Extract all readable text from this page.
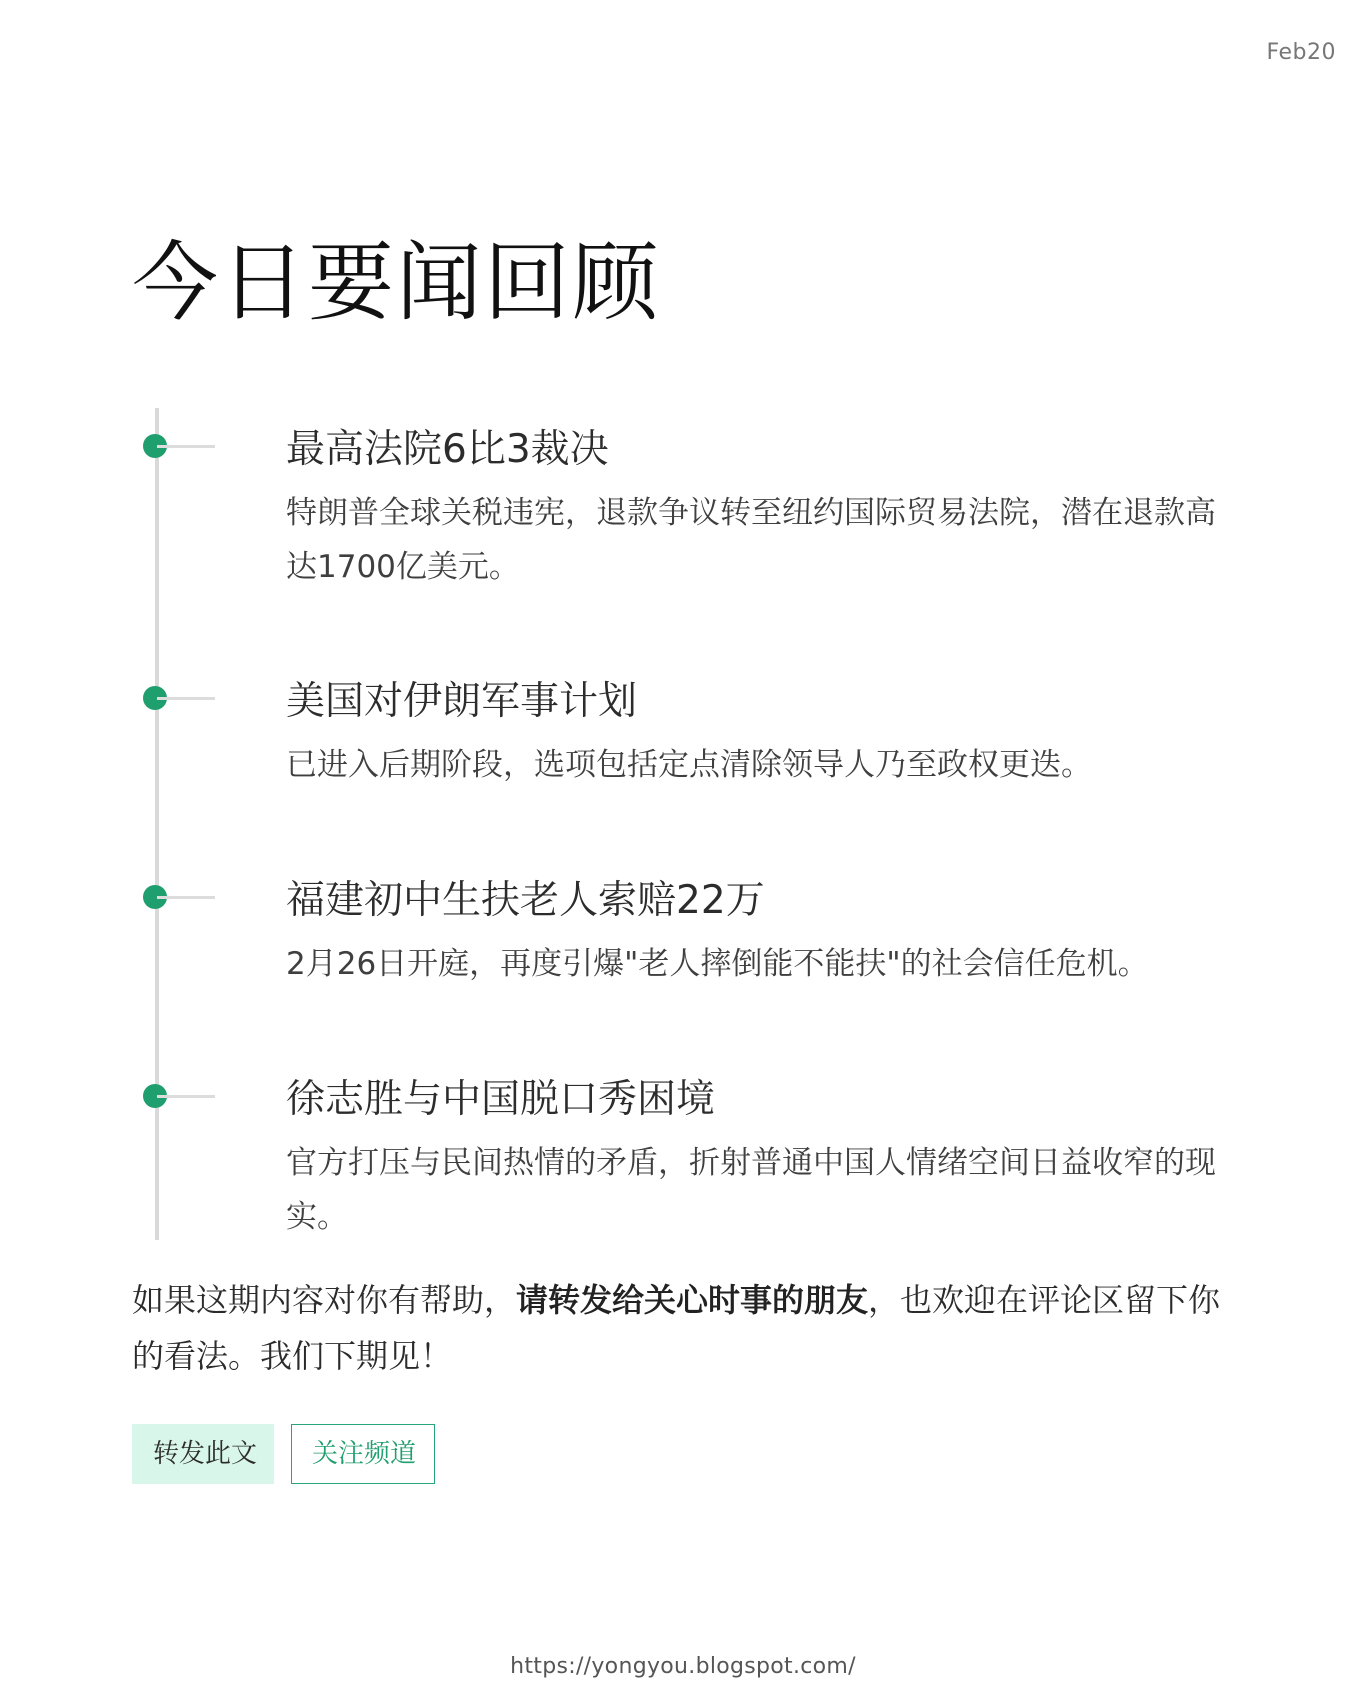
Feb20
今日要闻回顾
最高法院6比3裁决

特朗普全球关税违宪，退款争议转至纽约国际贸易法院，潜在退款高达1700亿美元。

美国对伊朗军事计划

已进入后期阶段，选项包括定点清除领导人乃至政权更迭。

福建初中生扶老人索赔22万

2月26日开庭，再度引爆"老人摔倒能不能扶"的社会信任危机。

徐志胜与中国脱口秀困境

官方打压与民间热情的矛盾，折射普通中国人情绪空间日益收窄的现实。

如果这期内容对你有帮助，请转发给关心时事的朋友，也欢迎在评论区留下你的看法。我们下期见！

转发此文	关注频道
https://yongyou.blogspot.com/
